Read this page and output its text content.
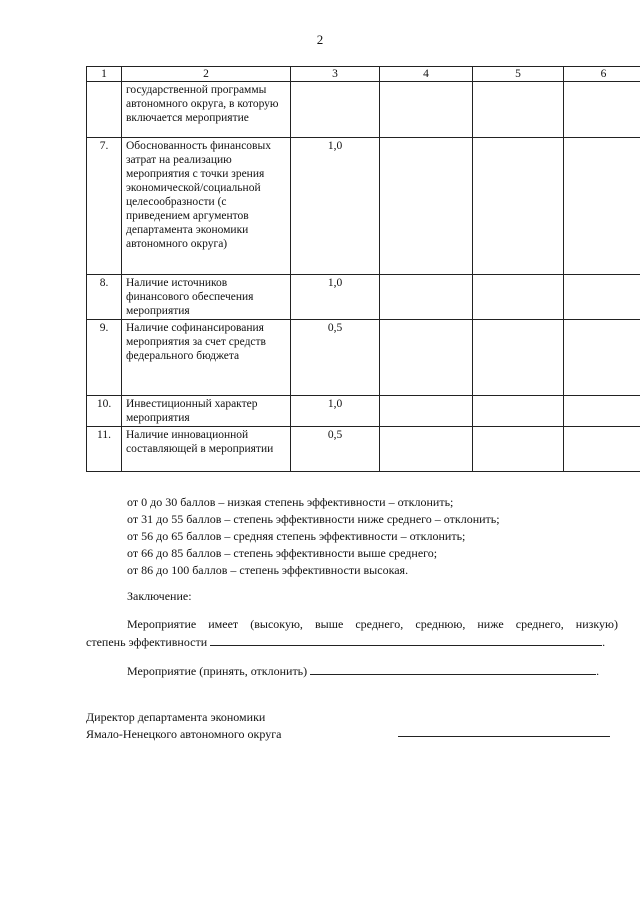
2
1	2	3	4	5	6
	государственной программы автономного округа, в которую включается мероприятие				
7.	Обоснованность финансовых затрат на реализацию мероприятия с точки зрения экономической/социальной целесообразности (с приведением аргументов департамента экономики автономного округа)	1,0			
8.	Наличие источников финансового обеспечения мероприятия	1,0			
9.	Наличие софинансирования мероприятия за счет средств федерального бюджета	0,5			
10.	Инвестиционный характер мероприятия	1,0			
11.	Наличие инновационной составляющей в мероприятии	0,5			
от 0 до 30 баллов – низкая степень эффективности – отклонить;
от 31 до 55 баллов – степень эффективности ниже среднего – отклонить;
от 56 до 65 баллов – средняя степень эффективности – отклонить;
от 66 до 85 баллов – степень эффективности выше среднего;
от 86 до 100 баллов – степень эффективности высокая.
Заключение:
Мероприятие имеет (высокую, выше среднего, среднюю, ниже среднего, низкую)
степень эффективности	.
Мероприятие (принять, отклонить)	.
Директор департамента экономики
Ямало-Ненецкого автономного округа
